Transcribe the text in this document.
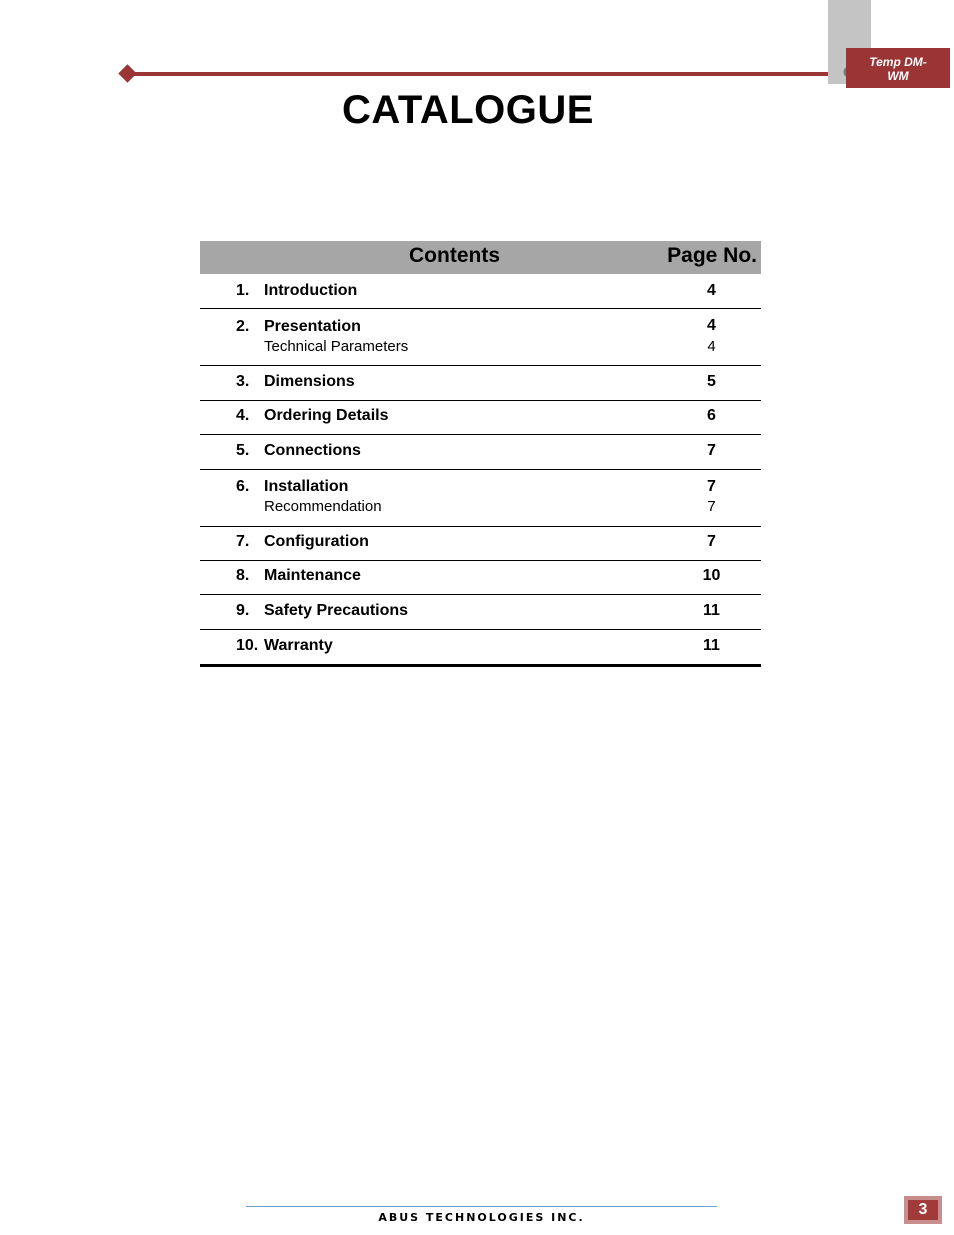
Temp DM-WM
CATALOGUE
Contents	Page No.
1. Introduction	4
2. Presentation	4
Technical Parameters	4
3. Dimensions	5
4. Ordering Details	6
5. Connections	7
6. Installation	7
Recommendation	7
7. Configuration	7
8. Maintenance	10
9. Safety Precautions	11
10. Warranty	11
ABUS TECHNOLOGIES INC.	3
